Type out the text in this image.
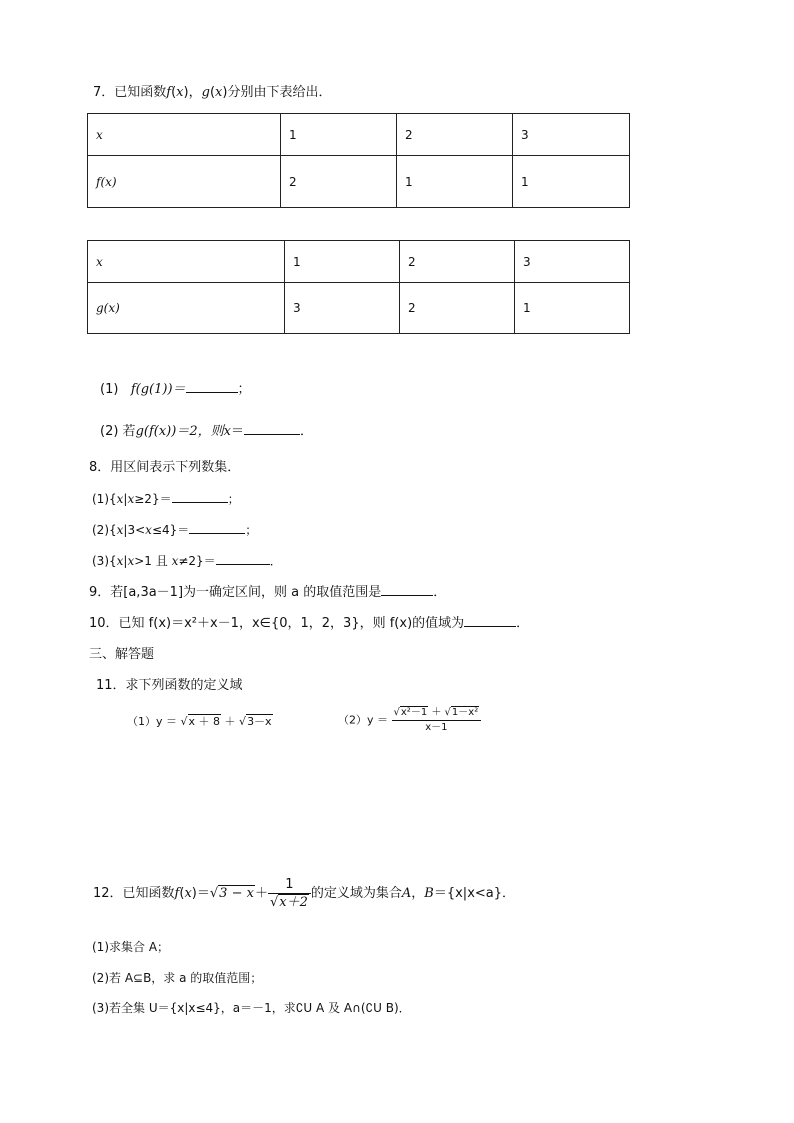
7．已知函数f(x)，g(x)分别由下表给出．
x	1	2	3
f(x)	2	1	1
x	1	2	3
g(x)	3	2	1
(1) f(g(1))＝	；
(2) 若g(f(x))＝2，则x＝	．
8．用区间表示下列数集．
(1){x|x≥2}＝	；
(2){x|3<x≤4}＝	；
(3){x|x>1 且 x≠2}＝	．
9．若[a,3a－1]为一确定区间，则 a 的取值范围是	．
10．已知 f(x)＝x²＋x－1，x∈{0，1，2，3}，则 f(x)的值域为	．
三、解答题
11．求下列函数的定义域
（1）y ＝ √x ＋ 8 ＋ √3－x	$(2)y = \frac{\text{√x²－1 ＋ √1－x²}}{x-1}$
12．已知函数$f(x)=√3 - x+ \frac{1}{√x+2}$ 的定义域为集合A，B＝{x|x<a}．
(1)求集合 A；
(2)若 A⊆B，求 a 的取值范围；
(3)若全集 U＝{x|x≤4}，a＝－1，求∁U A 及 A∩(∁U B)．
